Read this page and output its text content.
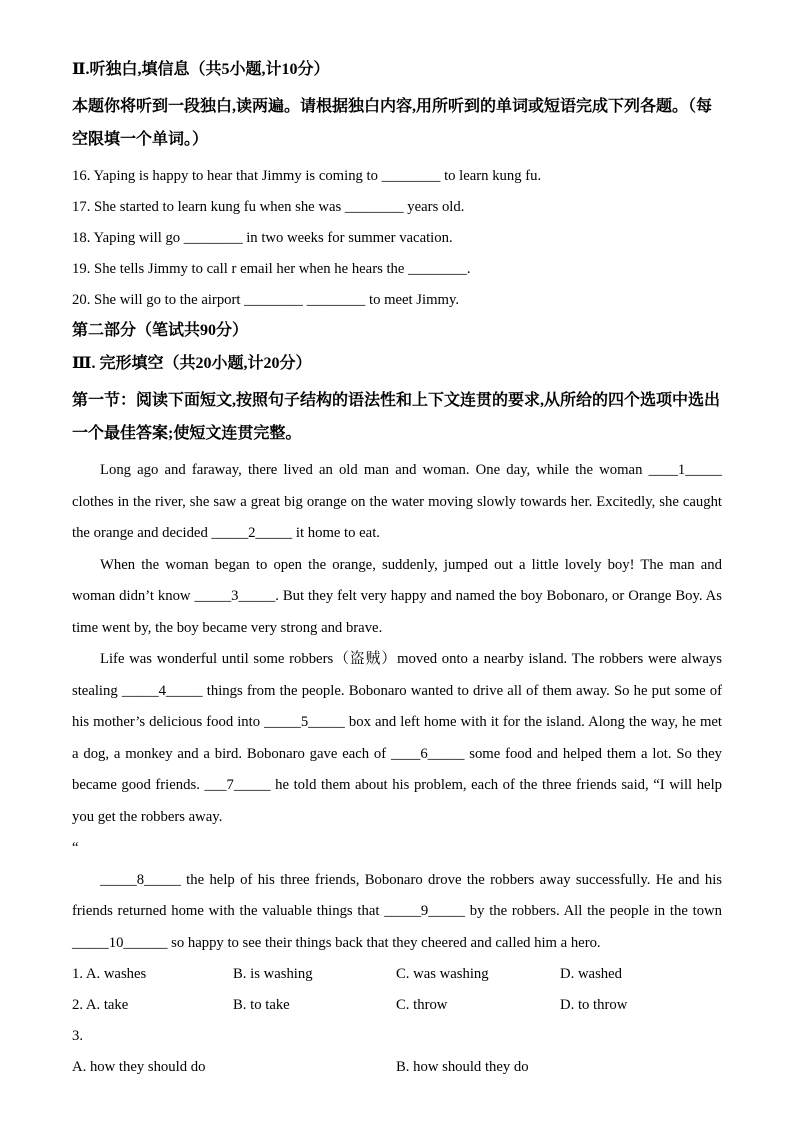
Ⅱ.听独白,填信息（共5小题,计10分）
本题你将听到一段独白,读两遍。请根据独白内容,用所听到的单词或短语完成下列各题。（每空限填一个单词。）

16. Yaping is happy to hear that Jimmy is coming to ________ to learn kung fu.

17. She started to learn kung fu when she was ________ years old.

18. Yaping will go ________ in two weeks for summer vacation.

19. She tells Jimmy to call r email her when he hears the ________.

20. She will go to the airport ________ ________ to meet Jimmy.

第二部分（笔试共90分）
Ⅲ. 完形填空（共20小题,计20分）
第一节：阅读下面短文,按照句子结构的语法性和上下文连贯的要求,从所给的四个选项中选出一个最佳答案;使短文连贯完整。

Long ago and faraway, there lived an old man and woman. One day, while the woman ____1_____ clothes in the river, she saw a great big orange on the water moving slowly towards her. Excitedly, she caught the orange and decided _____2_____ it home to eat.

When the woman began to open the orange, suddenly, jumped out a little lovely boy! The man and woman didn’t know _____3_____. But they felt very happy and named the boy Bobonaro, or Orange Boy. As time went by, the boy became very strong and brave.

Life was wonderful until some robbers（盗贼）moved onto a nearby island. The robbers were always stealing _____4_____ things from the people. Bobonaro wanted to drive all of them away. So he put some of his mother’s delicious food into _____5_____ box and left home with it for the island. Along the way, he met a dog, a monkey and a bird. Bobonaro gave each of ____6_____ some food and helped them a lot. So they became good friends. ___7_____ he told them about his problem, each of the three friends said, “I will help you get the robbers away.

“

_____8_____ the help of his three friends, Bobonaro drove the robbers away successfully. He and his friends returned home with the valuable things that _____9_____ by the robbers. All the people in the town _____10______ so happy to see their things back that they cheered and called him a hero.

1. A. washes	B. is washing	C. was washing	D. washed
2. A. take	B. to take	C. throw	D. to throw
3.
A. how they should do	B. how should they do
